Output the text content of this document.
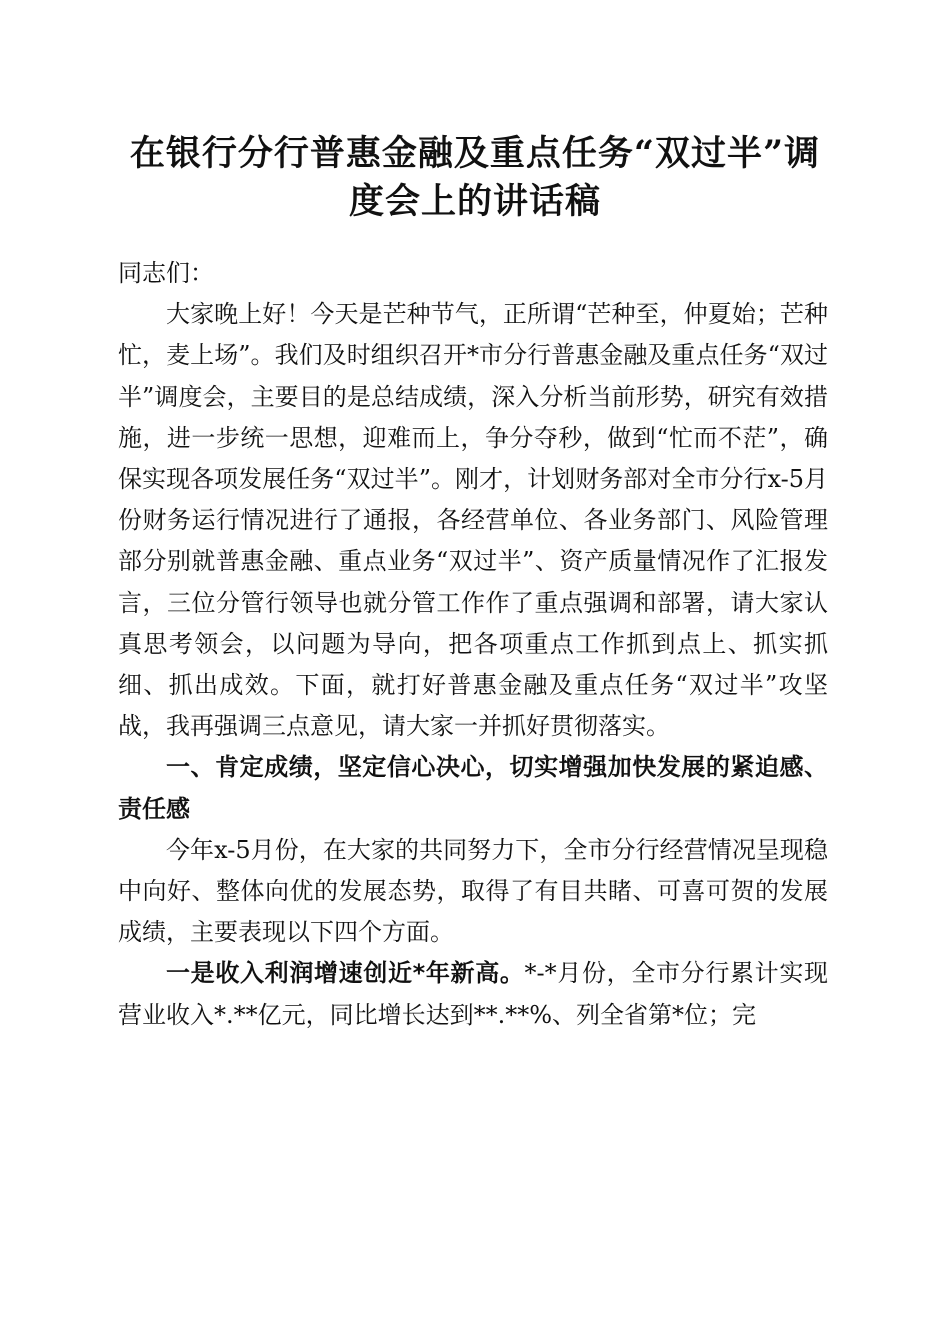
在银行分行普惠金融及重点任务“双过半”调
度会上的讲话稿

同志们：

大家晚上好！今天是芒种节气，正所谓“芒种至，仲夏始；芒种忙，麦上场”。我们及时组织召开*市分行普惠金融及重点任务“双过半”调度会，主要目的是总结成绩，深入分析当前形势，研究有效措施，进一步统一思想，迎难而上，争分夺秒，做到“忙而不茫”，确保实现各项发展任务“双过半”。刚才，计划财务部对全市分行x-5月份财务运行情况进行了通报，各经营单位、各业务部门、风险管理部分别就普惠金融、重点业务“双过半”、资产质量情况作了汇报发言，三位分管行领导也就分管工作作了重点强调和部署，请大家认真思考领会，以问题为导向，把各项重点工作抓到点上、抓实抓细、抓出成效。下面，就打好普惠金融及重点任务“双过半”攻坚战，我再强调三点意见，请大家一并抓好贯彻落实。

一、肯定成绩，坚定信心决心，切实增强加快发展的紧迫感、责任感

今年x-5月份，在大家的共同努力下，全市分行经营情况呈现稳中向好、整体向优的发展态势，取得了有目共睹、可喜可贺的发展成绩，主要表现以下四个方面。

一是收入利润增速创近*年新高。*-*月份，全市分行累计实现营业收入*.**亿元，同比增长达到**.**%、列全省第*位；完
